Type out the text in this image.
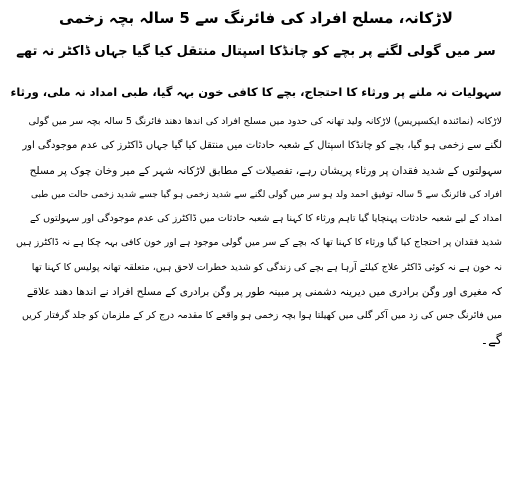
لاڑکانہ، مسلح افراد کی فائرنگ سے 5 سالہ بچہ زخمی
سر میں گولی لگنے پر بچے کو چانڈکا اسپتال منتقل کیا گیا جہاں ڈاکٹر نہ تھے
سہولیات نہ ملنے پر ورثاء کا احتجاج، بچے کا کافی خون بہہ گیا، طبی امداد نہ ملی، ورثاء
لاڑکانہ (نمائندہ ایکسپریس) لاڑکانہ ولید تھانہ کی حدود میں مسلح افراد کی اندھا دھند فائرنگ 5 سالہ بچہ سر میں گولی
لگنے سے زخمی ہو گیا، بچے کو چانڈکا اسپتال کے شعبہ حادثات میں منتقل کیا گیا جہاں ڈاکٹرز کی عدم موجودگی اور
سہولتوں کے شدید فقدان پر ورثاء پریشان رہے، تفصیلات کے مطابق لاڑکانہ شہر کے میر وخان چوک پر مسلح
افراد کی فائرنگ سے 5 سالہ توفیق احمد ولد ہو سر میں گولی لگنے سے شدید زخمی ہو گیا جسے شدید زخمی حالت میں طبی
امداد کے لیے شعبہ حادثات پہنچایا گیا تاہم ورثاء کا کہنا ہے شعبہ حادثات میں ڈاکٹرز کی عدم موجودگی اور سہولتوں کے
شدید فقدان پر احتجاج کیا گیا ورثاء کا کہنا تھا کہ بچے کے سر میں گولی موجود ہے اور خون کافی بہہ چکا ہے نہ ڈاکٹرز ہیں
نہ خون ہے نہ کوئی ڈاکٹر علاج کیلئے آرہا ہے بچے کی زندگی کو شدید خطرات لاحق ہیں، متعلقہ تھانہ پولیس کا کہنا تھا
کہ مغیری اور وگن برادری میں دیرینہ دشمنی پر مبینہ طور پر وگن برادری کے مسلح افراد نے اندھا دھند علاقے
میں فائرنگ جس کی زد میں آکر گلی میں کھیلتا ہوا بچہ زخمی ہو واقعے کا مقدمہ درج کر کے ملزمان کو جلد گرفتار کریں
گے۔
